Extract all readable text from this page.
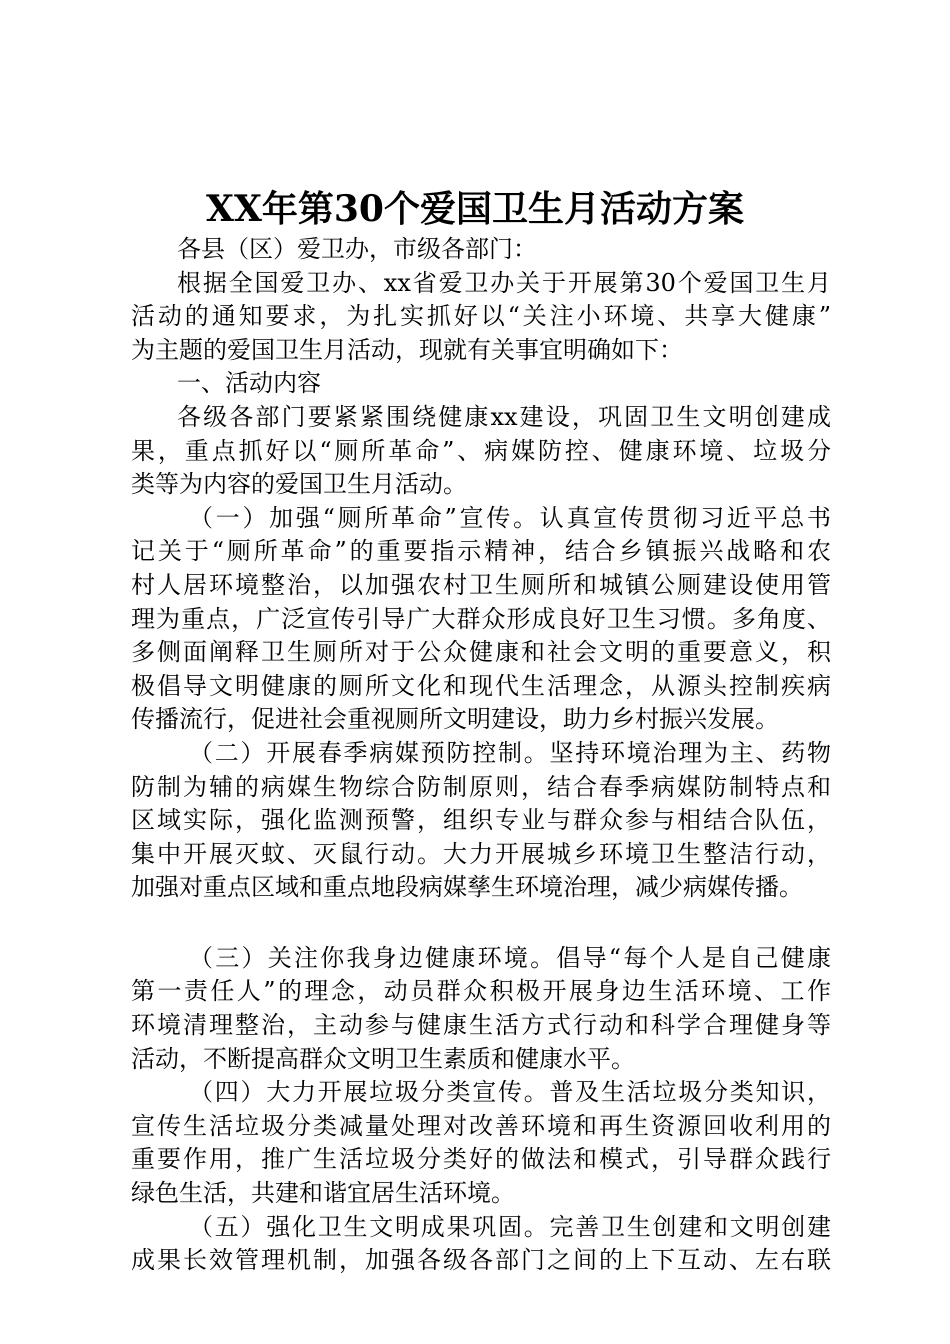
XX年第30个爱国卫生月活动方案
各县（区）爱卫办，市级各部门：
根据全国爱卫办、xx省爱卫办关于开展第30个爱国卫生月
活动的通知要求，为扎实抓好以“关注小环境、共享大健康”
为主题的爱国卫生月活动，现就有关事宜明确如下：
一、活动内容
各级各部门要紧紧围绕健康xx建设，巩固卫生文明创建成
果，重点抓好以“厕所革命”、病媒防控、健康环境、垃圾分
类等为内容的爱国卫生月活动。
（一）加强“厕所革命”宣传。认真宣传贯彻习近平总书
记关于“厕所革命”的重要指示精神，结合乡镇振兴战略和农
村人居环境整治，以加强农村卫生厕所和城镇公厕建设使用管
理为重点，广泛宣传引导广大群众形成良好卫生习惯。多角度、
多侧面阐释卫生厕所对于公众健康和社会文明的重要意义，积
极倡导文明健康的厕所文化和现代生活理念，从源头控制疾病
传播流行，促进社会重视厕所文明建设，助力乡村振兴发展。
（二）开展春季病媒预防控制。坚持环境治理为主、药物
防制为辅的病媒生物综合防制原则，结合春季病媒防制特点和
区域实际，强化监测预警，组织专业与群众参与相结合队伍，
集中开展灭蚊、灭鼠行动。大力开展城乡环境卫生整洁行动，
加强对重点区域和重点地段病媒孳生环境治理，减少病媒传播。
（三）关注你我身边健康环境。倡导“每个人是自己健康
第一责任人”的理念，动员群众积极开展身边生活环境、工作
环境清理整治，主动参与健康生活方式行动和科学合理健身等
活动，不断提高群众文明卫生素质和健康水平。
（四）大力开展垃圾分类宣传。普及生活垃圾分类知识，
宣传生活垃圾分类减量处理对改善环境和再生资源回收利用的
重要作用，推广生活垃圾分类好的做法和模式，引导群众践行
绿色生活，共建和谐宜居生活环境。
（五）强化卫生文明成果巩固。完善卫生创建和文明创建
成果长效管理机制，加强各级各部门之间的上下互动、左右联
